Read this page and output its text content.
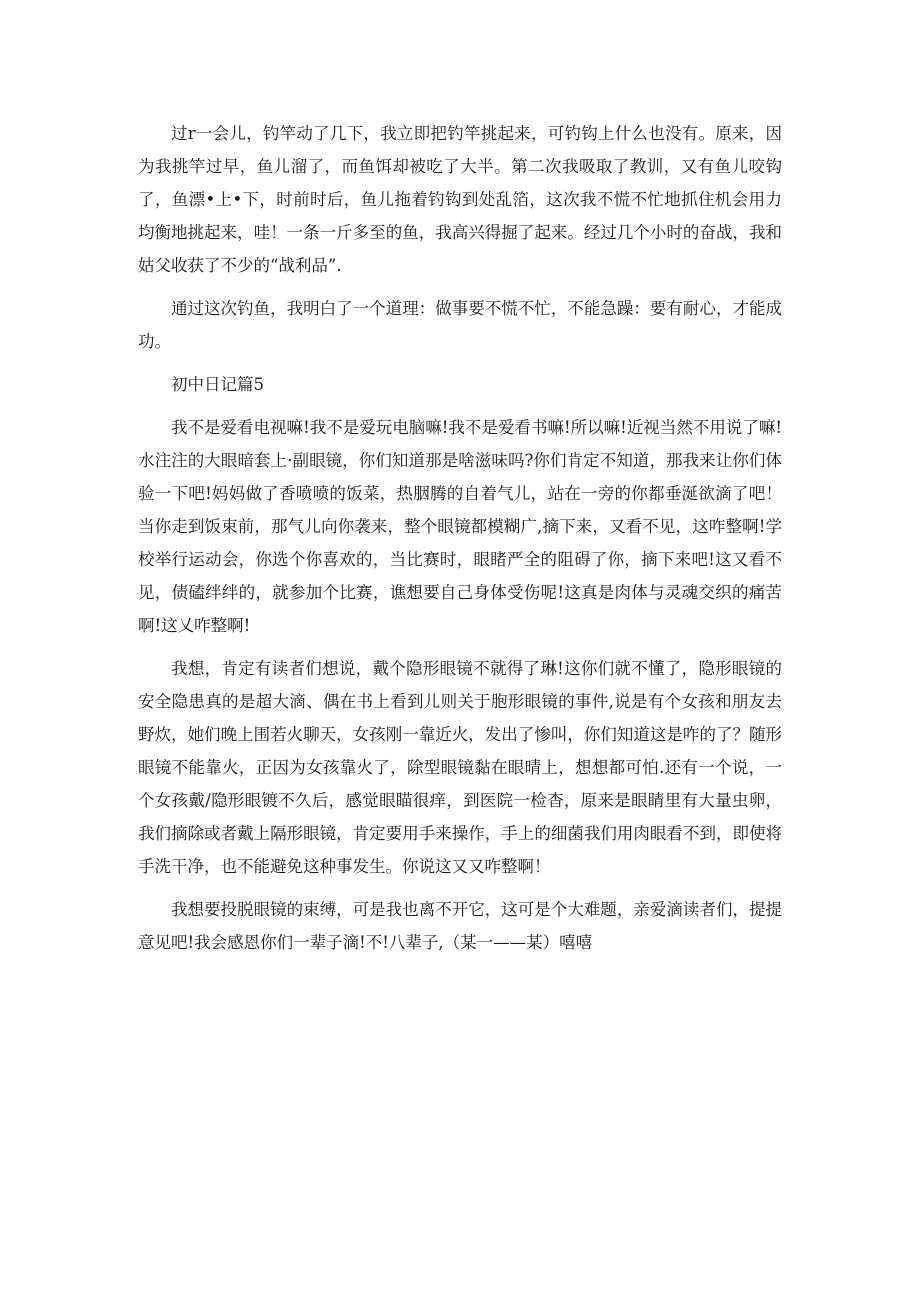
过r一会儿，钓竿动了几下，我立即把钓竿挑起来，可钓钩上什么也没有。原来，因为我挑竿过早，鱼儿溜了，而鱼饵却被吃了大半。第二次我吸取了教训，又有鱼儿咬钩了，鱼漂•上•下，时前时后，鱼儿拖着钓钩到处乱箔，这次我不慌不忙地抓住机会用力均衡地挑起来，哇！一条一斤多至的鱼，我高兴得掘了起来。经过几个小时的奋战，我和姑父收获了不少的“战利品”.

通过这次钓鱼，我明白了一个道理：做事要不慌不忙，不能急躁：要有耐心，才能成功。

初中日记篇5

我不是爱看电视嘛!我不是爱玩电脑嘛!我不是爱看书嘛!所以嘛!近视当然不用说了嘛!水注注的大眼暗套上·副眼镜，你们知道那是啥滋味吗?你们肯定不知道，那我来让你们体验一下吧!妈妈做了香喷喷的饭菜，热胭腾的自着气儿，站在一旁的你都垂涎欲滴了吧！当你走到饭束前，那气儿向你袭来，整个眼镜都模糊广,摘下来，又看不见，这咋整啊!学校举行运动会，你选个你喜欢的，当比赛时，眼睹严全的阻碍了你，摘下来吧!这又看不见，债磕绊绊的，就参加个比赛，谯想要自己身体受伤呢!这真是肉体与灵魂交织的痛苦啊!这乂咋整啊!

我想，肯定有读者们想说，戴个隐形眼镜不就得了琳!这你们就不懂了，隐形眼镜的安全隐患真的是超大滴、偶在书上看到儿则关于胞形眼镜的事件,说是有个女孩和朋友去野炊，她们晚上围若火聊天，女孩刚一靠近火，发出了惨叫，你们知道这是咋的了？随形眼镜不能靠火，正因为女孩靠火了，除型眼镜黏在眼晴上，想想都可怕.还有一个说，一个女孩戴/隐形眼镀不久后，感觉眼瞄很痒，到医院一检杳，原来是眼睛里有大量虫卵，我们摘除或者戴上隔形眼镜，肯定要用手来操作，手上的细菌我们用肉眼看不到，即使将手洗干净，也不能避免这种事发生。你说这又又咋整啊！

我想要投脱眼镜的束缚，可是我也离不开它，这可是个大难题，亲爱滴读者们，提提意见吧!我会感恩你们一辈子滴!不!八辈子,（某一——某）嘻嘻
